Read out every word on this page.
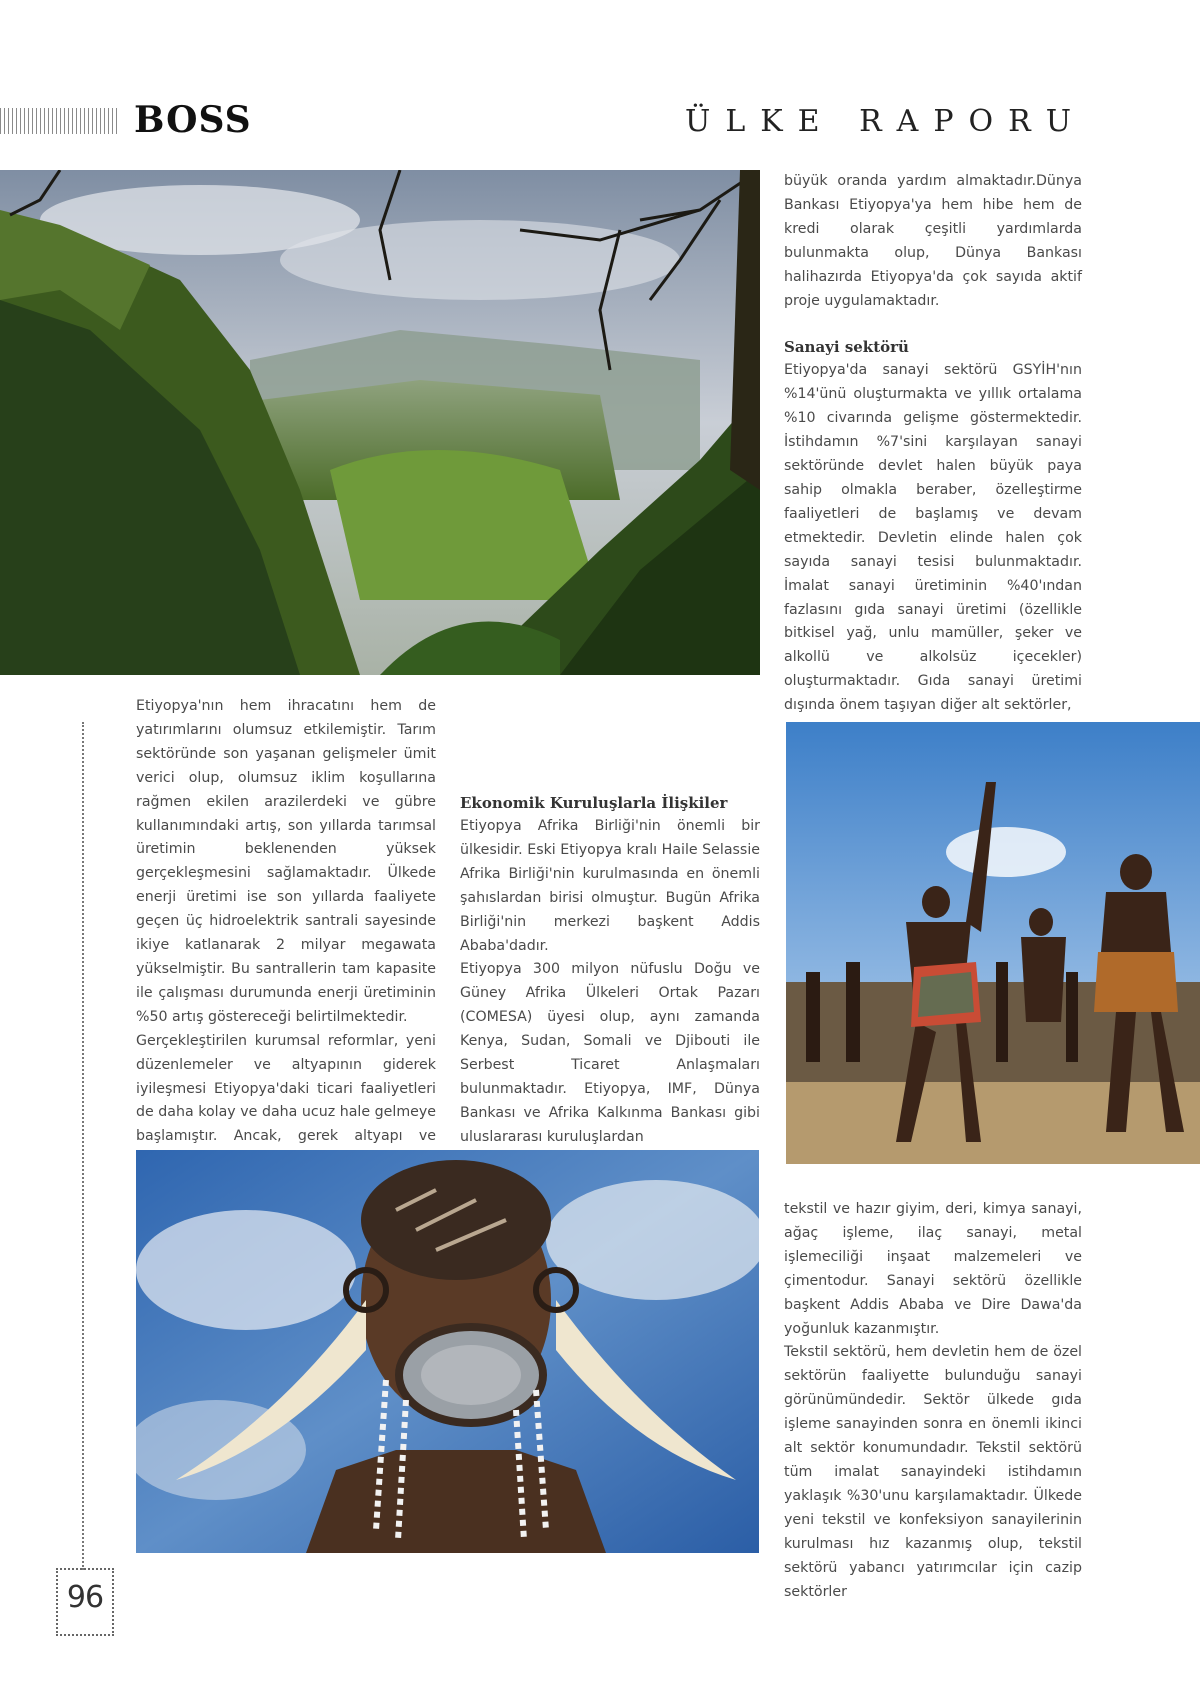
BOSS	ÜLKE RAPORU

büyük oranda yardım almaktadır.Dünya Bankası Etiyopya'ya hem hibe hem de kredi olarak çeşitli yardımlarda bulunmakta olup, Dünya Bankası halihazırda Etiyopya'da çok sayıda aktif proje uygulamaktadır.

Sanayi sektörü

Etiyopya'da sanayi sektörü GSYİH'nın %14'ünü oluşturmakta ve yıllık ortalama %10 civarında gelişme göstermektedir. İstihdamın %7'sini karşılayan sanayi sektöründe devlet halen büyük paya sahip olmakla beraber, özelleştirme faaliyetleri de başlamış ve devam etmektedir. Devletin elinde halen çok sayıda sanayi tesisi bulunmaktadır. İmalat sanayi üretiminin %40'ından fazlasını gıda sanayi üretimi (özellikle bitkisel yağ, unlu mamüller, şeker ve alkollü ve alkolsüz içecekler) oluşturmaktadır. Gıda sanayi üretimi dışında önem taşıyan diğer alt sektörler,

Etiyopya'nın hem ihracatını hem de yatırımlarını olumsuz etkilemiştir. Tarım sektöründe son yaşanan gelişmeler ümit verici olup, olumsuz iklim koşullarına rağmen ekilen arazilerdeki ve gübre kullanımındaki artış, son yıllarda tarımsal üretimin beklenenden yüksek gerçekleşmesini sağlamaktadır. Ülkede enerji üretimi ise son yıllarda faaliyete geçen üç hidroelektrik santrali sayesinde ikiye katlanarak 2 milyar megawata yükselmiştir. Bu santrallerin tam kapasite ile çalışması durumunda enerji üretiminin %50 artış göstereceği belirtilmektedir.

Gerçekleştirilen kurumsal reformlar, yeni düzenlemeler ve altyapının giderek iyileşmesi Etiyopya'daki ticari faaliyetleri de daha kolay ve daha ucuz hale gelmeye başlamıştır. Ancak, gerek altyapı ve

Ekonomik Kuruluşlarla İlişkiler

Etiyopya Afrika Birliği'nin önemli bir ülkesidir. Eski Etiyopya kralı Haile Selassie Afrika Birliği'nin kurulmasında en önemli şahıslardan birisi olmuştur. Bugün Afrika Birliği'nin merkezi başkent Addis Ababa'dadır.

Etiyopya 300 milyon nüfuslu Doğu ve Güney Afrika Ülkeleri Ortak Pazarı (COMESA) üyesi olup, aynı zamanda Kenya, Sudan, Somali ve Djibouti ile Serbest Ticaret Anlaşmaları bulunmaktadır. Etiyopya, IMF, Dünya Bankası ve Afrika Kalkınma Bankası gibi uluslararası kuruluşlardan

tekstil ve hazır giyim, deri, kimya sanayi, ağaç işleme, ilaç sanayi, metal işlemeciliği inşaat malzemeleri ve çimentodur. Sanayi sektörü özellikle başkent Addis Ababa ve Dire Dawa'da yoğunluk kazanmıştır.

Tekstil sektörü, hem devletin hem de özel sektörün faaliyette bulunduğu sanayi görünümündedir. Sektör ülkede gıda işleme sanayinden sonra en önemli ikinci alt sektör konumundadır. Tekstil sektörü tüm imalat sanayindeki istihdamın yaklaşık %30'unu karşılamaktadır. Ülkede yeni tekstil ve konfeksiyon sanayilerinin kurulması hız kazanmış olup, tekstil sektörü yabancı yatırımcılar için cazip sektörler

96
